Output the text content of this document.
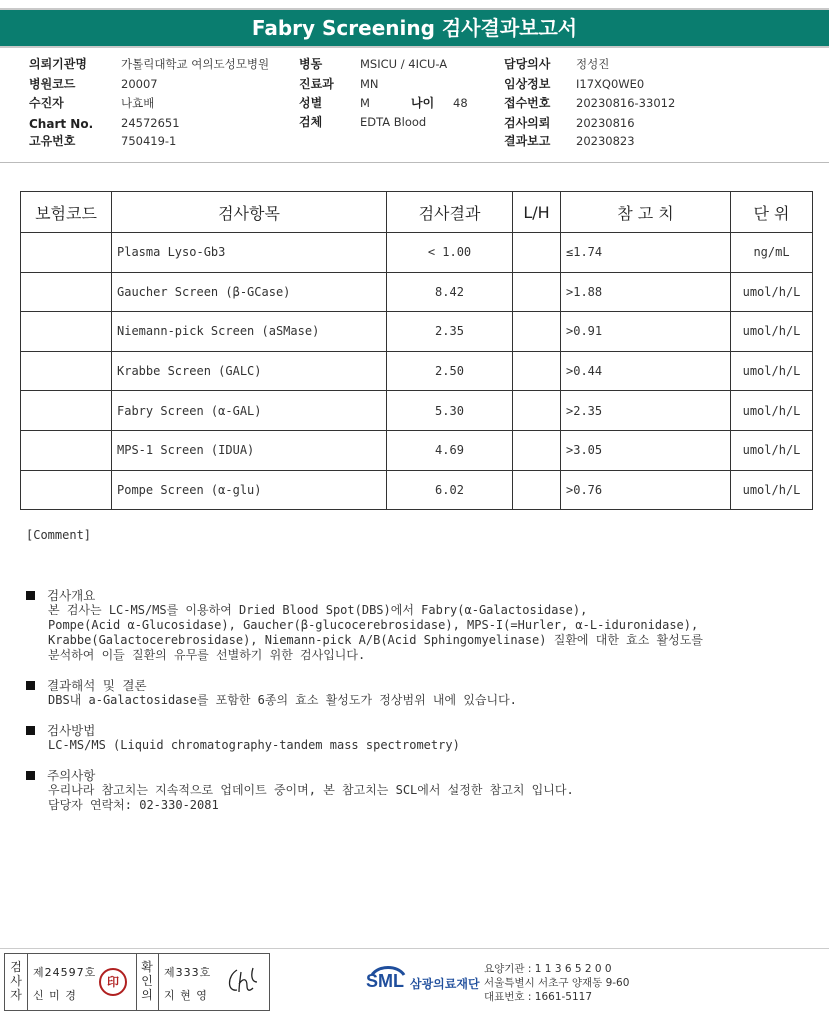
Fabry Screening 검사결과보고서
의뢰기관명	가톨릭대학교 여의도성모병원
병원코드	20007
수진자	나효배
Chart No. 24572651
고유번호	750419-1
병동	MSICU / 4ICU-A
진료과 MN
성별	M	나이 48
검체	EDTA Blood
담당의사 정성진
임상정보 I17XQ0WE0
접수번호 20230816-33012
검사의뢰 20230816
결과보고 20230823
보험코드	검사항목	검사결과	L/H	참 고 치	단 위
	Plasma Lyso-Gb3	< 1.00		≤1.74	ng/mL
	Gaucher Screen (β-GCase)	8.42		>1.88	umol/h/L
	Niemann-pick Screen (aSMase)	2.35		>0.91	umol/h/L
	Krabbe Screen (GALC)	2.50		>0.44	umol/h/L
	Fabry Screen (α-GAL)	5.30		>2.35	umol/h/L
	MPS-1 Screen (IDUA)	4.69		>3.05	umol/h/L
	Pompe Screen (α-glu)	6.02		>0.76	umol/h/L
[Comment]
검사개요
본 검사는 LC-MS/MS를 이용하여 Dried Blood Spot(DBS)에서 Fabry(α-Galactosidase),
Pompe(Acid α-Glucosidase), Gaucher(β-glucocerebrosidase), MPS-I(=Hurler, α-L-iduronidase),
Krabbe(Galactocerebrosidase), Niemann-pick A/B(Acid Sphingomyelinase) 질환에 대한 효소 활성도를
분석하여 이들 질환의 유무를 선별하기 위한 검사입니다.
결과해석 및 결론
DBS내 a-Galactosidase를 포함한 6종의 효소 활성도가 정상범위 내에 있습니다.
검사방법
LC-MS/MS (Liquid chromatography-tandem mass spectrometry)
주의사항
우리나라 참고치는 지속적으로 업데이트 중이며, 본 참고치는 SCL에서 설정한 참고치 입니다.
담당자 연락처: 02-330-2081
검사자
제24597호
신 미 경
印
확인의
제333호
지 현 영
SML 삼광의료재단
요양기관 : 1 1 3 6 5 2 0 0
서울특별시 서초구 양재동 9-60
대표번호 : 1661-5117
